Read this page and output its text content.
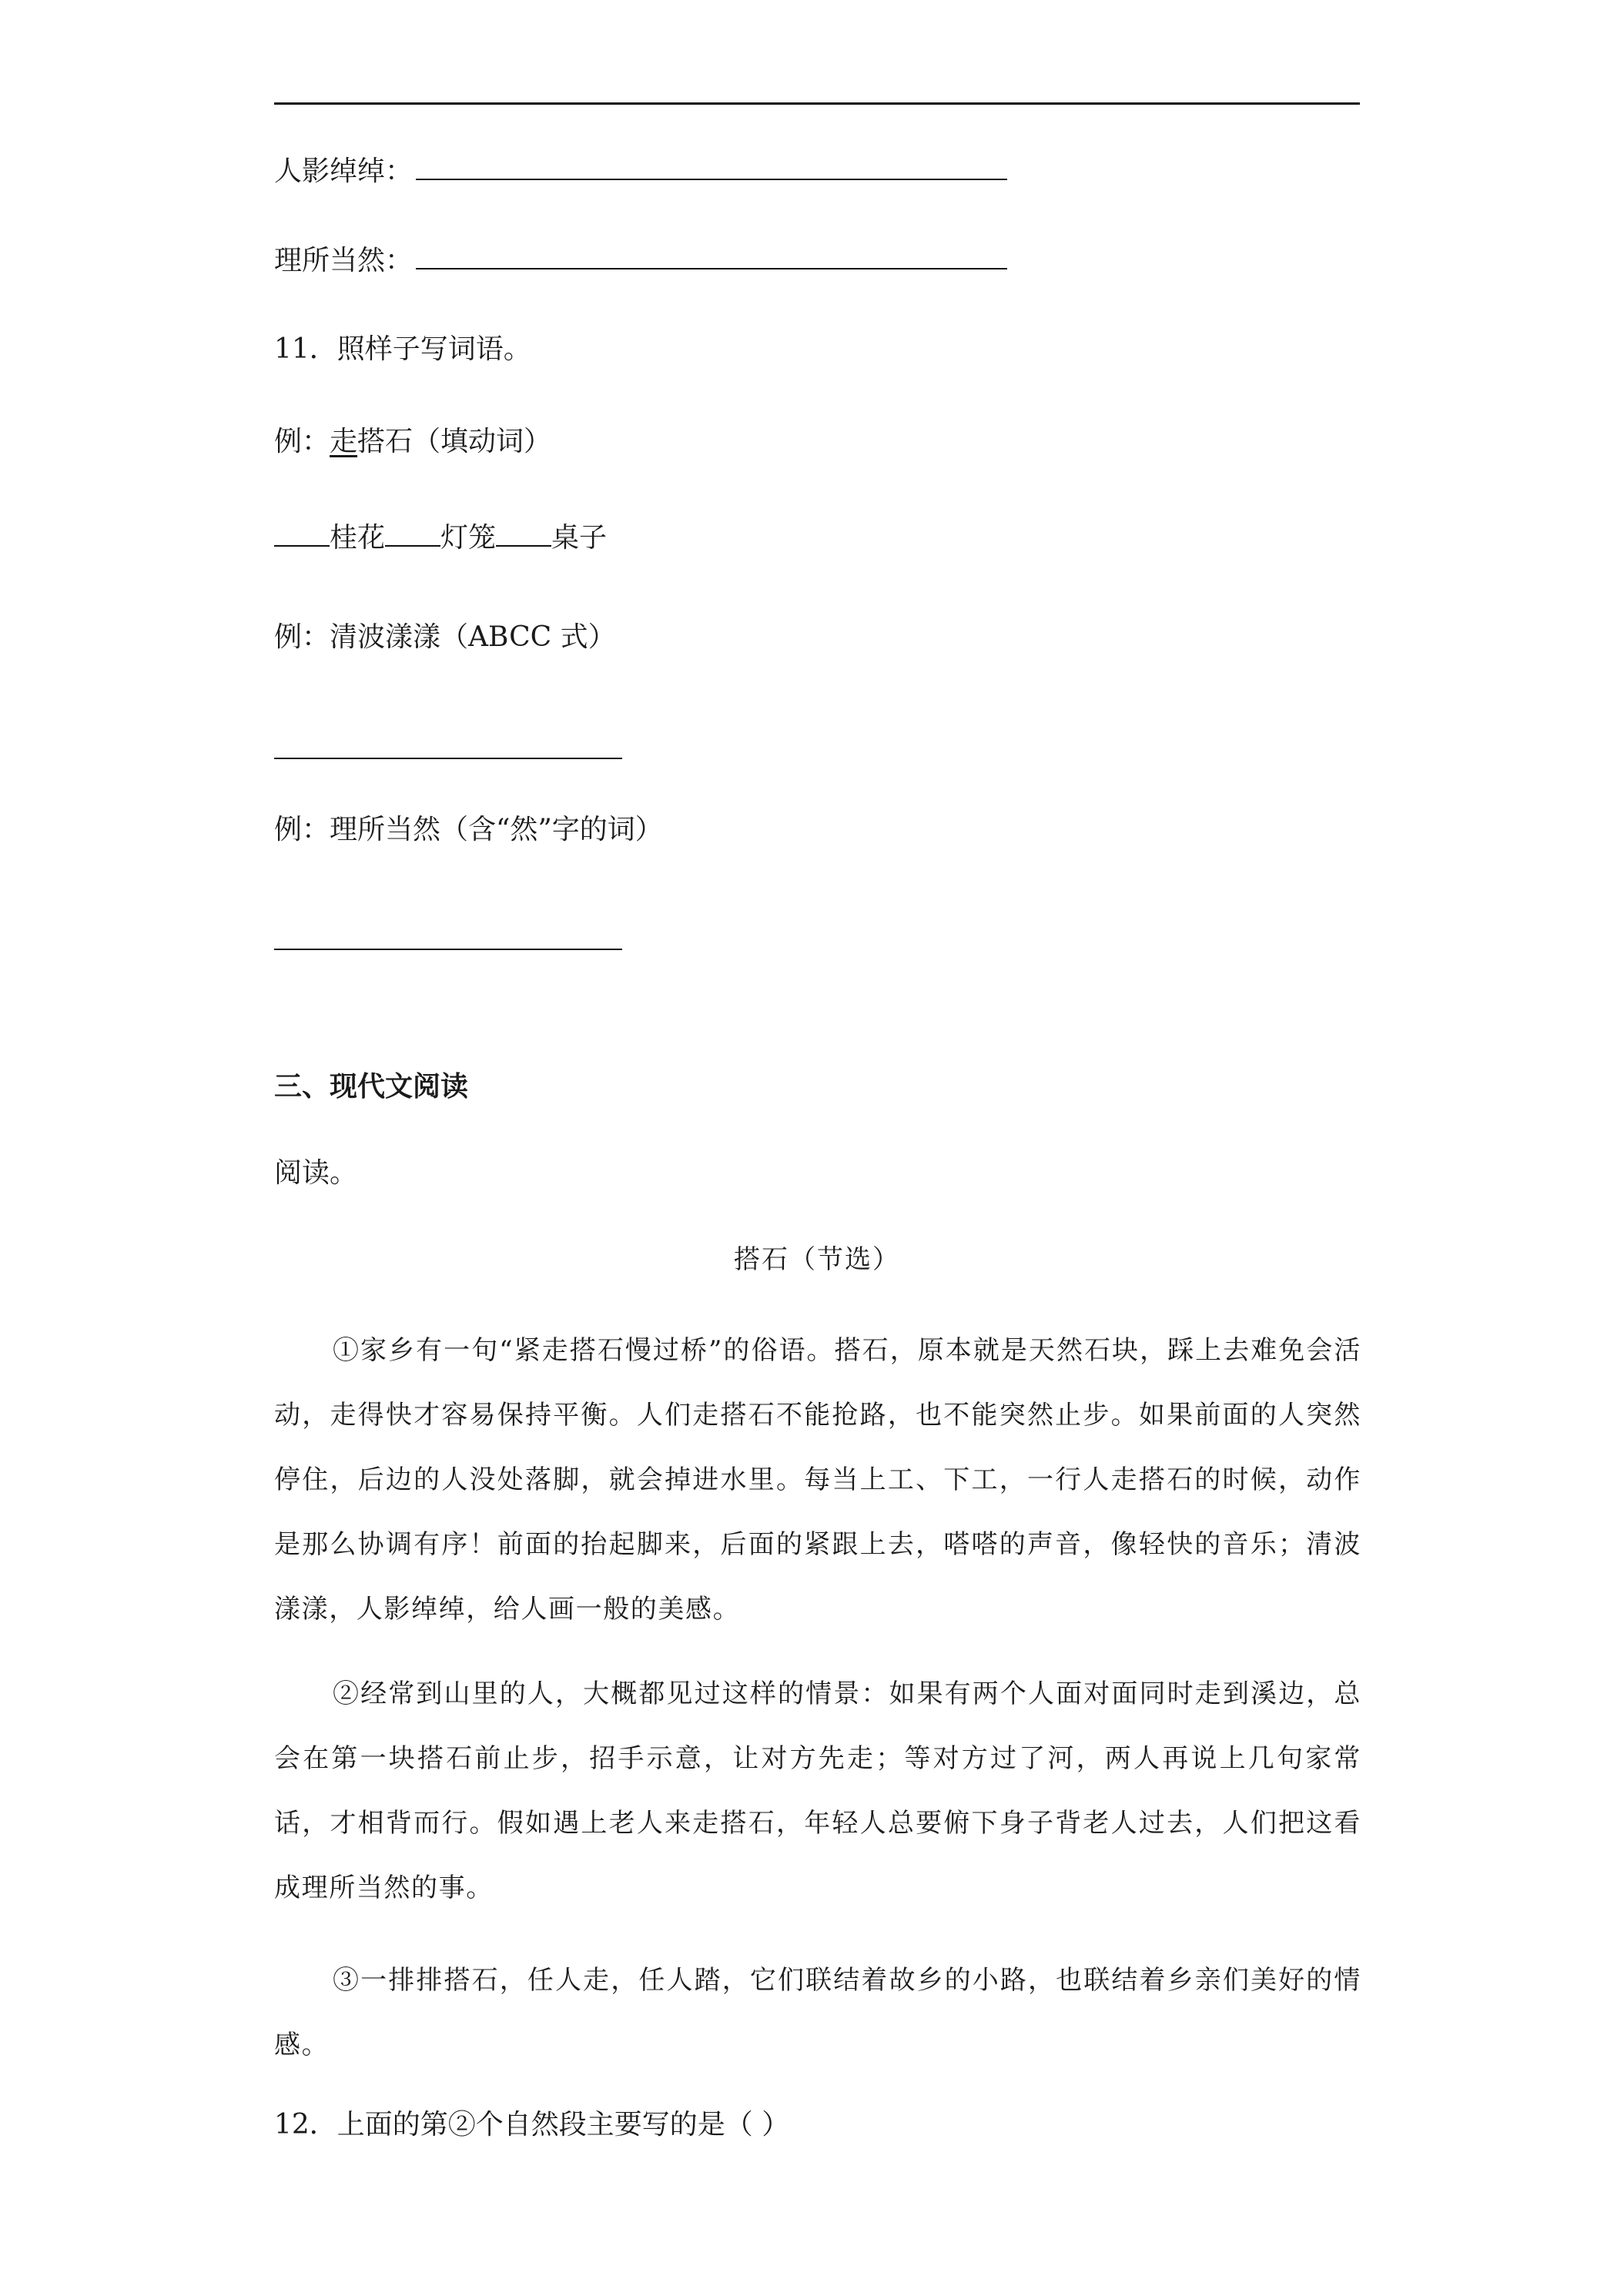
人影绰绰：
理所当然：
11．照样子写词语。
例：走搭石（填动词）
桂花 灯笼 桌子
例：清波漾漾（ABCC 式）
例：理所当然（含“然”字的词）
三、现代文阅读
阅读。
搭石（节选）
①家乡有一句“紧走搭石慢过桥”的俗语。搭石，原本就是天然石块，踩上去难免会活动，走得快才容易保持平衡。人们走搭石不能抢路，也不能突然止步。如果前面的人突然停住，后边的人没处落脚，就会掉进水里。每当上工、下工，一行人走搭石的时候，动作是那么协调有序！前面的抬起脚来，后面的紧跟上去，嗒嗒的声音，像轻快的音乐；清波漾漾，人影绰绰，给人画一般的美感。
②经常到山里的人，大概都见过这样的情景：如果有两个人面对面同时走到溪边，总会在第一块搭石前止步，招手示意，让对方先走；等对方过了河，两人再说上几句家常话，才相背而行。假如遇上老人来走搭石，年轻人总要俯下身子背老人过去，人们把这看成理所当然的事。
③一排排搭石，任人走，任人踏，它们联结着故乡的小路，也联结着乡亲们美好的情感。
12．上面的第②个自然段主要写的是（ ）
